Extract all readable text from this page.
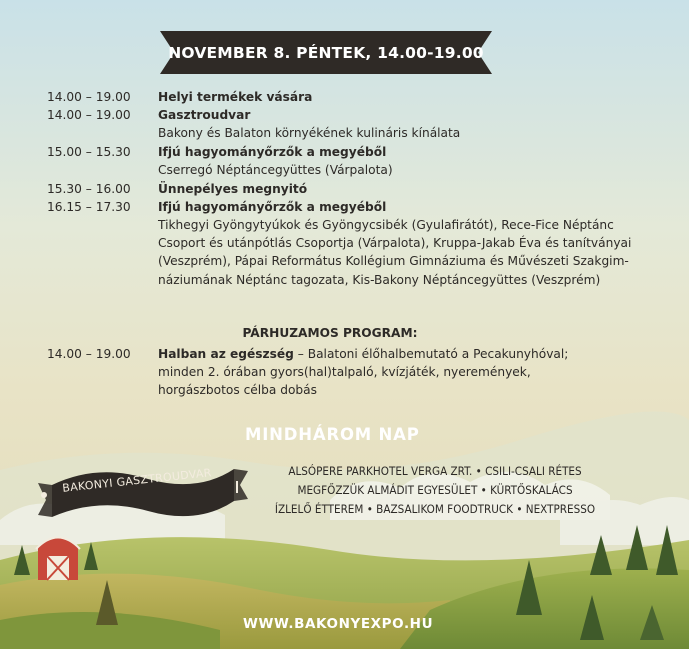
NOVEMBER 8. PÉNTEK, 14.00-19.00
14.00 – 19.00 Helyi termékek vására
14.00 – 19.00 Gasztroudvar
Bakony és Balaton környékének kulináris kínálata
15.00 – 15.30 Ifjú hagyományőrzők a megyéből
Cserregó Néptáncegyüttes (Várpalota)
15.30 – 16.00 Ünnepélyes megnyitó
16.15 – 17.30 Ifjú hagyományőrzők a megyéből
Tikhegyi Gyöngytyúkok és Gyöngycsibék (Gyulafirátót), Rece-Fice Néptánc
Csoport és utánpótlás Csoportja (Várpalota), Kruppa-Jakab Éva és tanítványai
(Veszprém), Pápai Református Kollégium Gimnáziuma és Művészeti Szakgim-
náziumának Néptánc tagozata, Kis-Bakony Néptáncegyüttes (Veszprém)
PÁRHUZAMOS PROGRAM:
14.00 – 19.00 Halban az egészség – Balatoni élőhalbemutató a Pecakunyhóval;
minden 2. órában gyors(hal)talpaló, kvízjáték, nyeremények,
horgászbotos célba dobás
MINDHÁROM NAP
BAKONYI GASZTROUDVAR	ALSÓPERE PARKHOTEL VERGA ZRT. • CSILI-CSALI RÉTES
MEGFŐZZÜK ALMÁDIT EGYESÜLET • KÜRTŐSKALÁCS
ÍZLELŐ ÉTTEREM • BAZSALIKOM FOODTRUCK • NEXTPRESSO
WWW.BAKONYEXPO.HU
